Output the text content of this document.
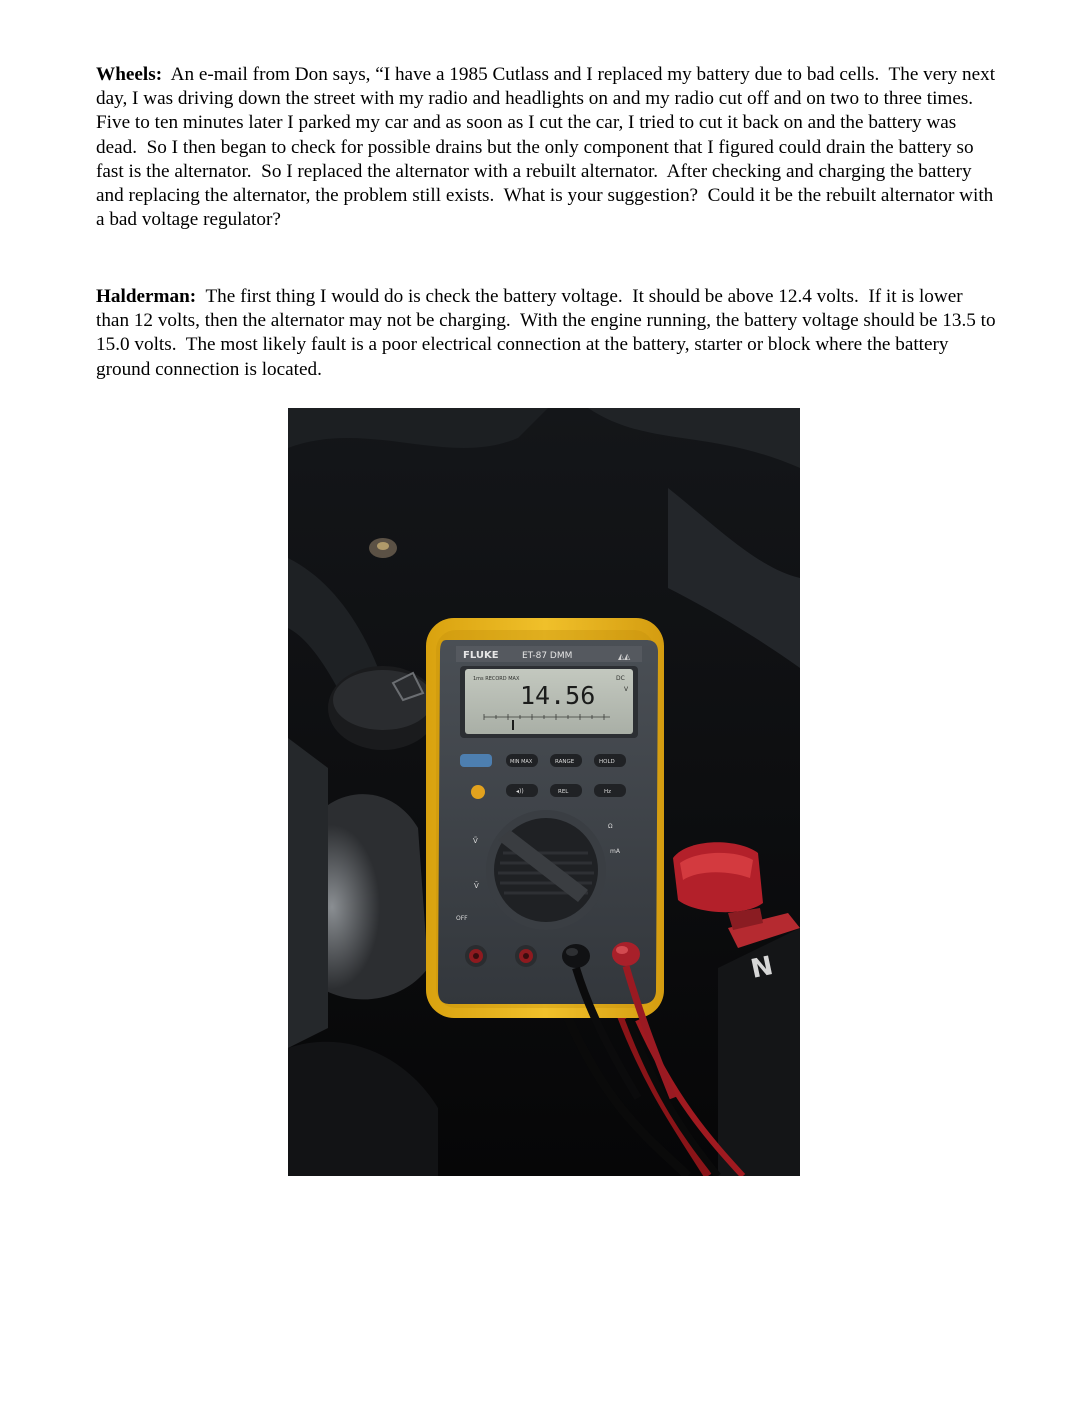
Wheels:  An e-mail from Don says, “I have a 1985 Cutlass and I replaced my battery due to bad cells.  The very next day, I was driving down the street with my radio and headlights on and my radio cut off and on two to three times.  Five to ten minutes later I parked my car and as soon as I cut the car, I tried to cut it back on and the battery was dead.  So I then began to check for possible drains but the only component that I figured could drain the battery so fast is the alternator.  So I replaced the alternator with a rebuilt alternator.  After checking and charging the battery and replacing the alternator, the problem still exists.  What is your suggestion?  Could it be the rebuilt alternator with a bad voltage regulator?

Halderman:  The first thing I would do is check the battery voltage.  It should be above 12.4 volts.  If it is lower than 12 volts, then the alternator may not be charging.  With the engine running, the battery voltage should be 13.5 to 15.0 volts.  The most likely fault is a poor electrical connection at the battery, starter or block where the battery ground connection is located.

N
FLUKE	ET-87 DMM	◭◭
1ms RECORD MAX	DC
V
14.56
MIN MAX	RANGE	HOLD
◂))	REL	Hz
Ṽ
V̄
Ω
mA
OFF
